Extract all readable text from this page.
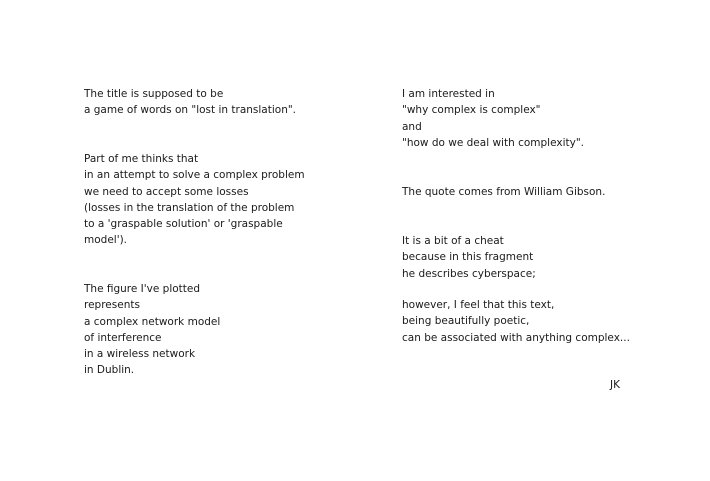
The title is supposed to be
a game of words on "lost in translation".

Part of me thinks that
in an attempt to solve a complex problem
we need to accept some losses
(losses in the translation of the problem
to a 'graspable solution' or 'graspable
model').

The figure I've plotted
represents
a complex network model
of interference
in a wireless network
in Dublin.

I am interested in
"why complex is complex"
and
"how do we deal with complexity".

The quote comes from William Gibson.

It is a bit of a cheat
because in this fragment
he describes cyberspace;

however, I feel that this text,
being beautifully poetic,
can be associated with anything complex...

JK
